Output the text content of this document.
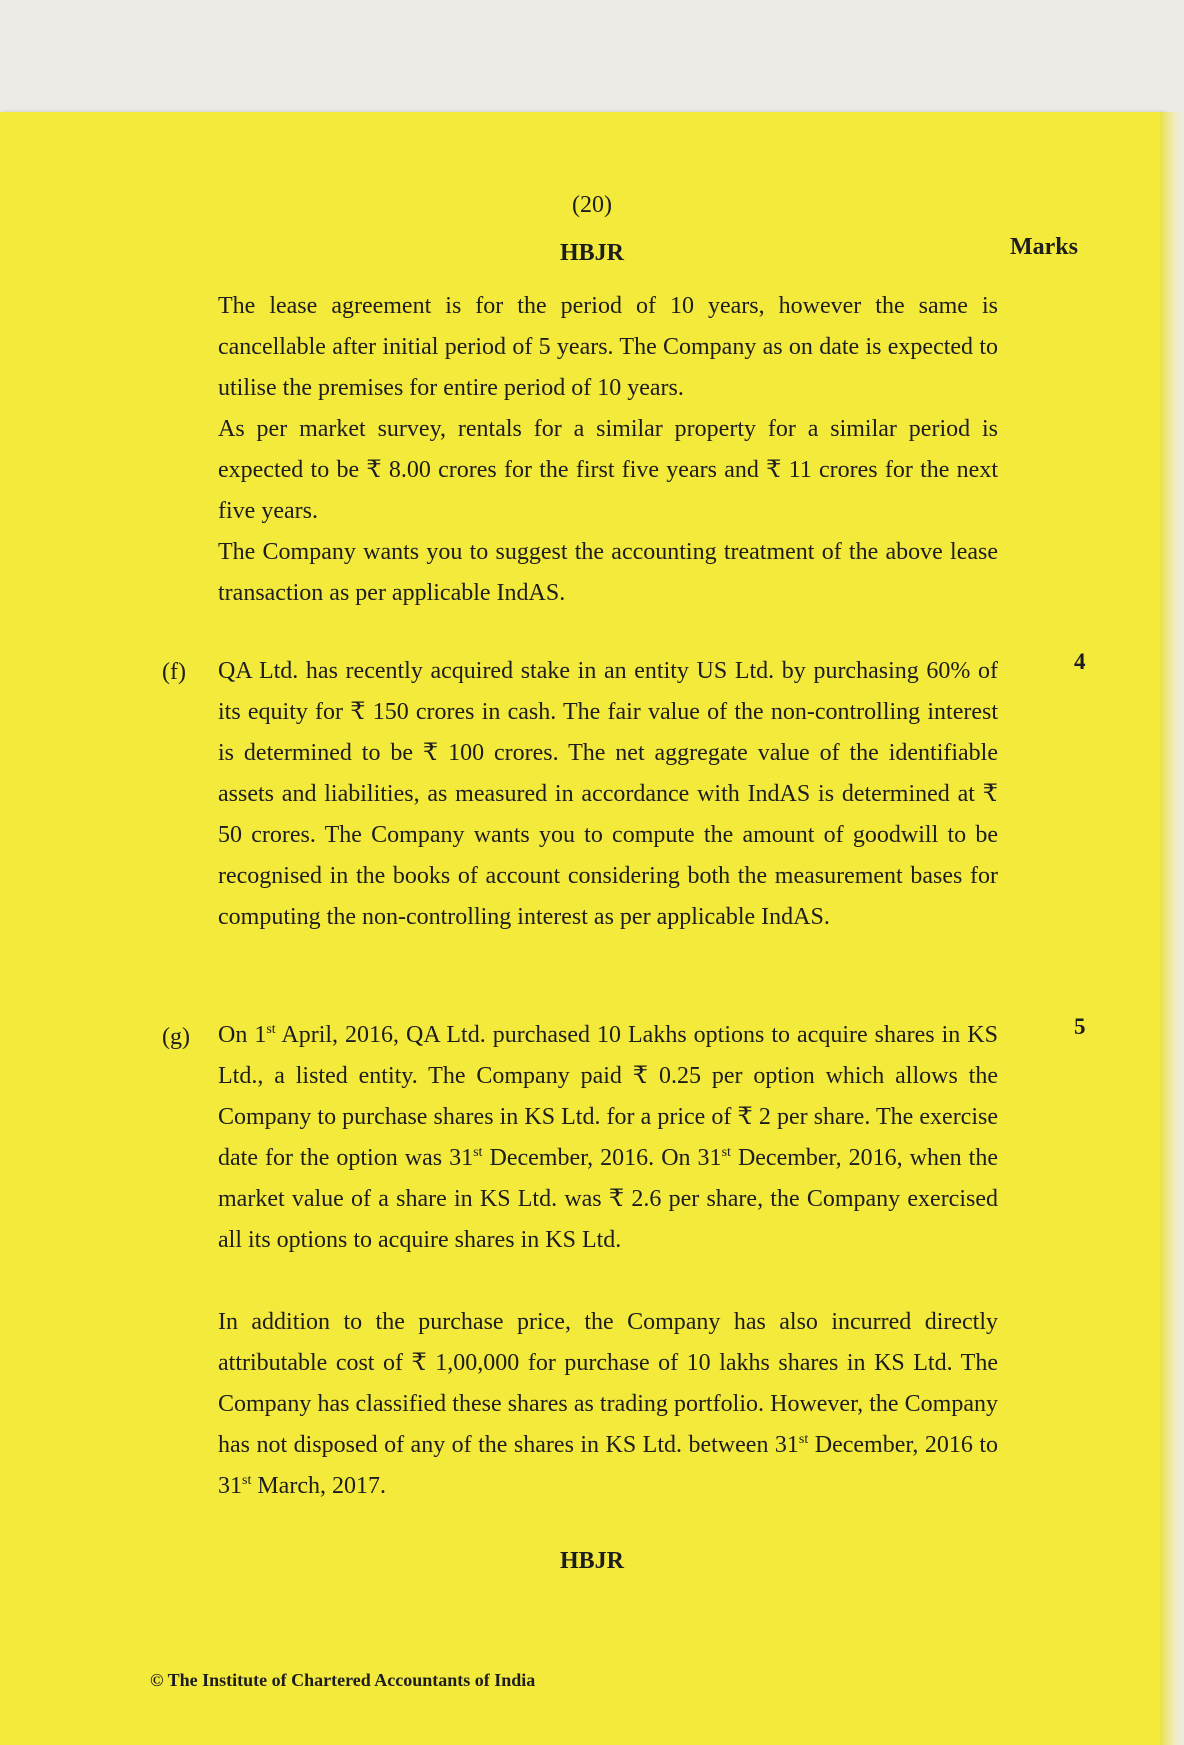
(20)
HBJR	Marks

The lease agreement is for the period of 10 years, however the same is cancellable after initial period of 5 years. The Company as on date is expected to utilise the premises for entire period of 10 years.

As per market survey, rentals for a similar property for a similar period is expected to be ₹ 8.00 crores for the first five years and ₹ 11 crores for the next five years.

The Company wants you to suggest the accounting treatment of the above lease transaction as per applicable IndAS.

(f)	4

QA Ltd. has recently acquired stake in an entity US Ltd. by purchasing 60% of its equity for ₹ 150 crores in cash. The fair value of the non-controlling interest is determined to be ₹ 100 crores. The net aggregate value of the identifiable assets and liabilities, as measured in accordance with IndAS is determined at ₹ 50 crores. The Company wants you to compute the amount of goodwill to be recognised in the books of account considering both the measurement bases for computing the non-controlling interest as per applicable IndAS.

(g)	5

On 1st April, 2016, QA Ltd. purchased 10 Lakhs options to acquire shares in KS Ltd., a listed entity. The Company paid ₹ 0.25 per option which allows the Company to purchase shares in KS Ltd. for a price of ₹ 2 per share. The exercise date for the option was 31st December, 2016. On 31st December, 2016, when the market value of a share in KS Ltd. was ₹ 2.6 per share, the Company exercised all its options to acquire shares in KS Ltd.

In addition to the purchase price, the Company has also incurred directly attributable cost of ₹ 1,00,000 for purchase of 10 lakhs shares in KS Ltd. The Company has classified these shares as trading portfolio. However, the Company has not disposed of any of the shares in KS Ltd. between 31st December, 2016 to 31st March, 2017.

HBJR
© The Institute of Chartered Accountants of India
